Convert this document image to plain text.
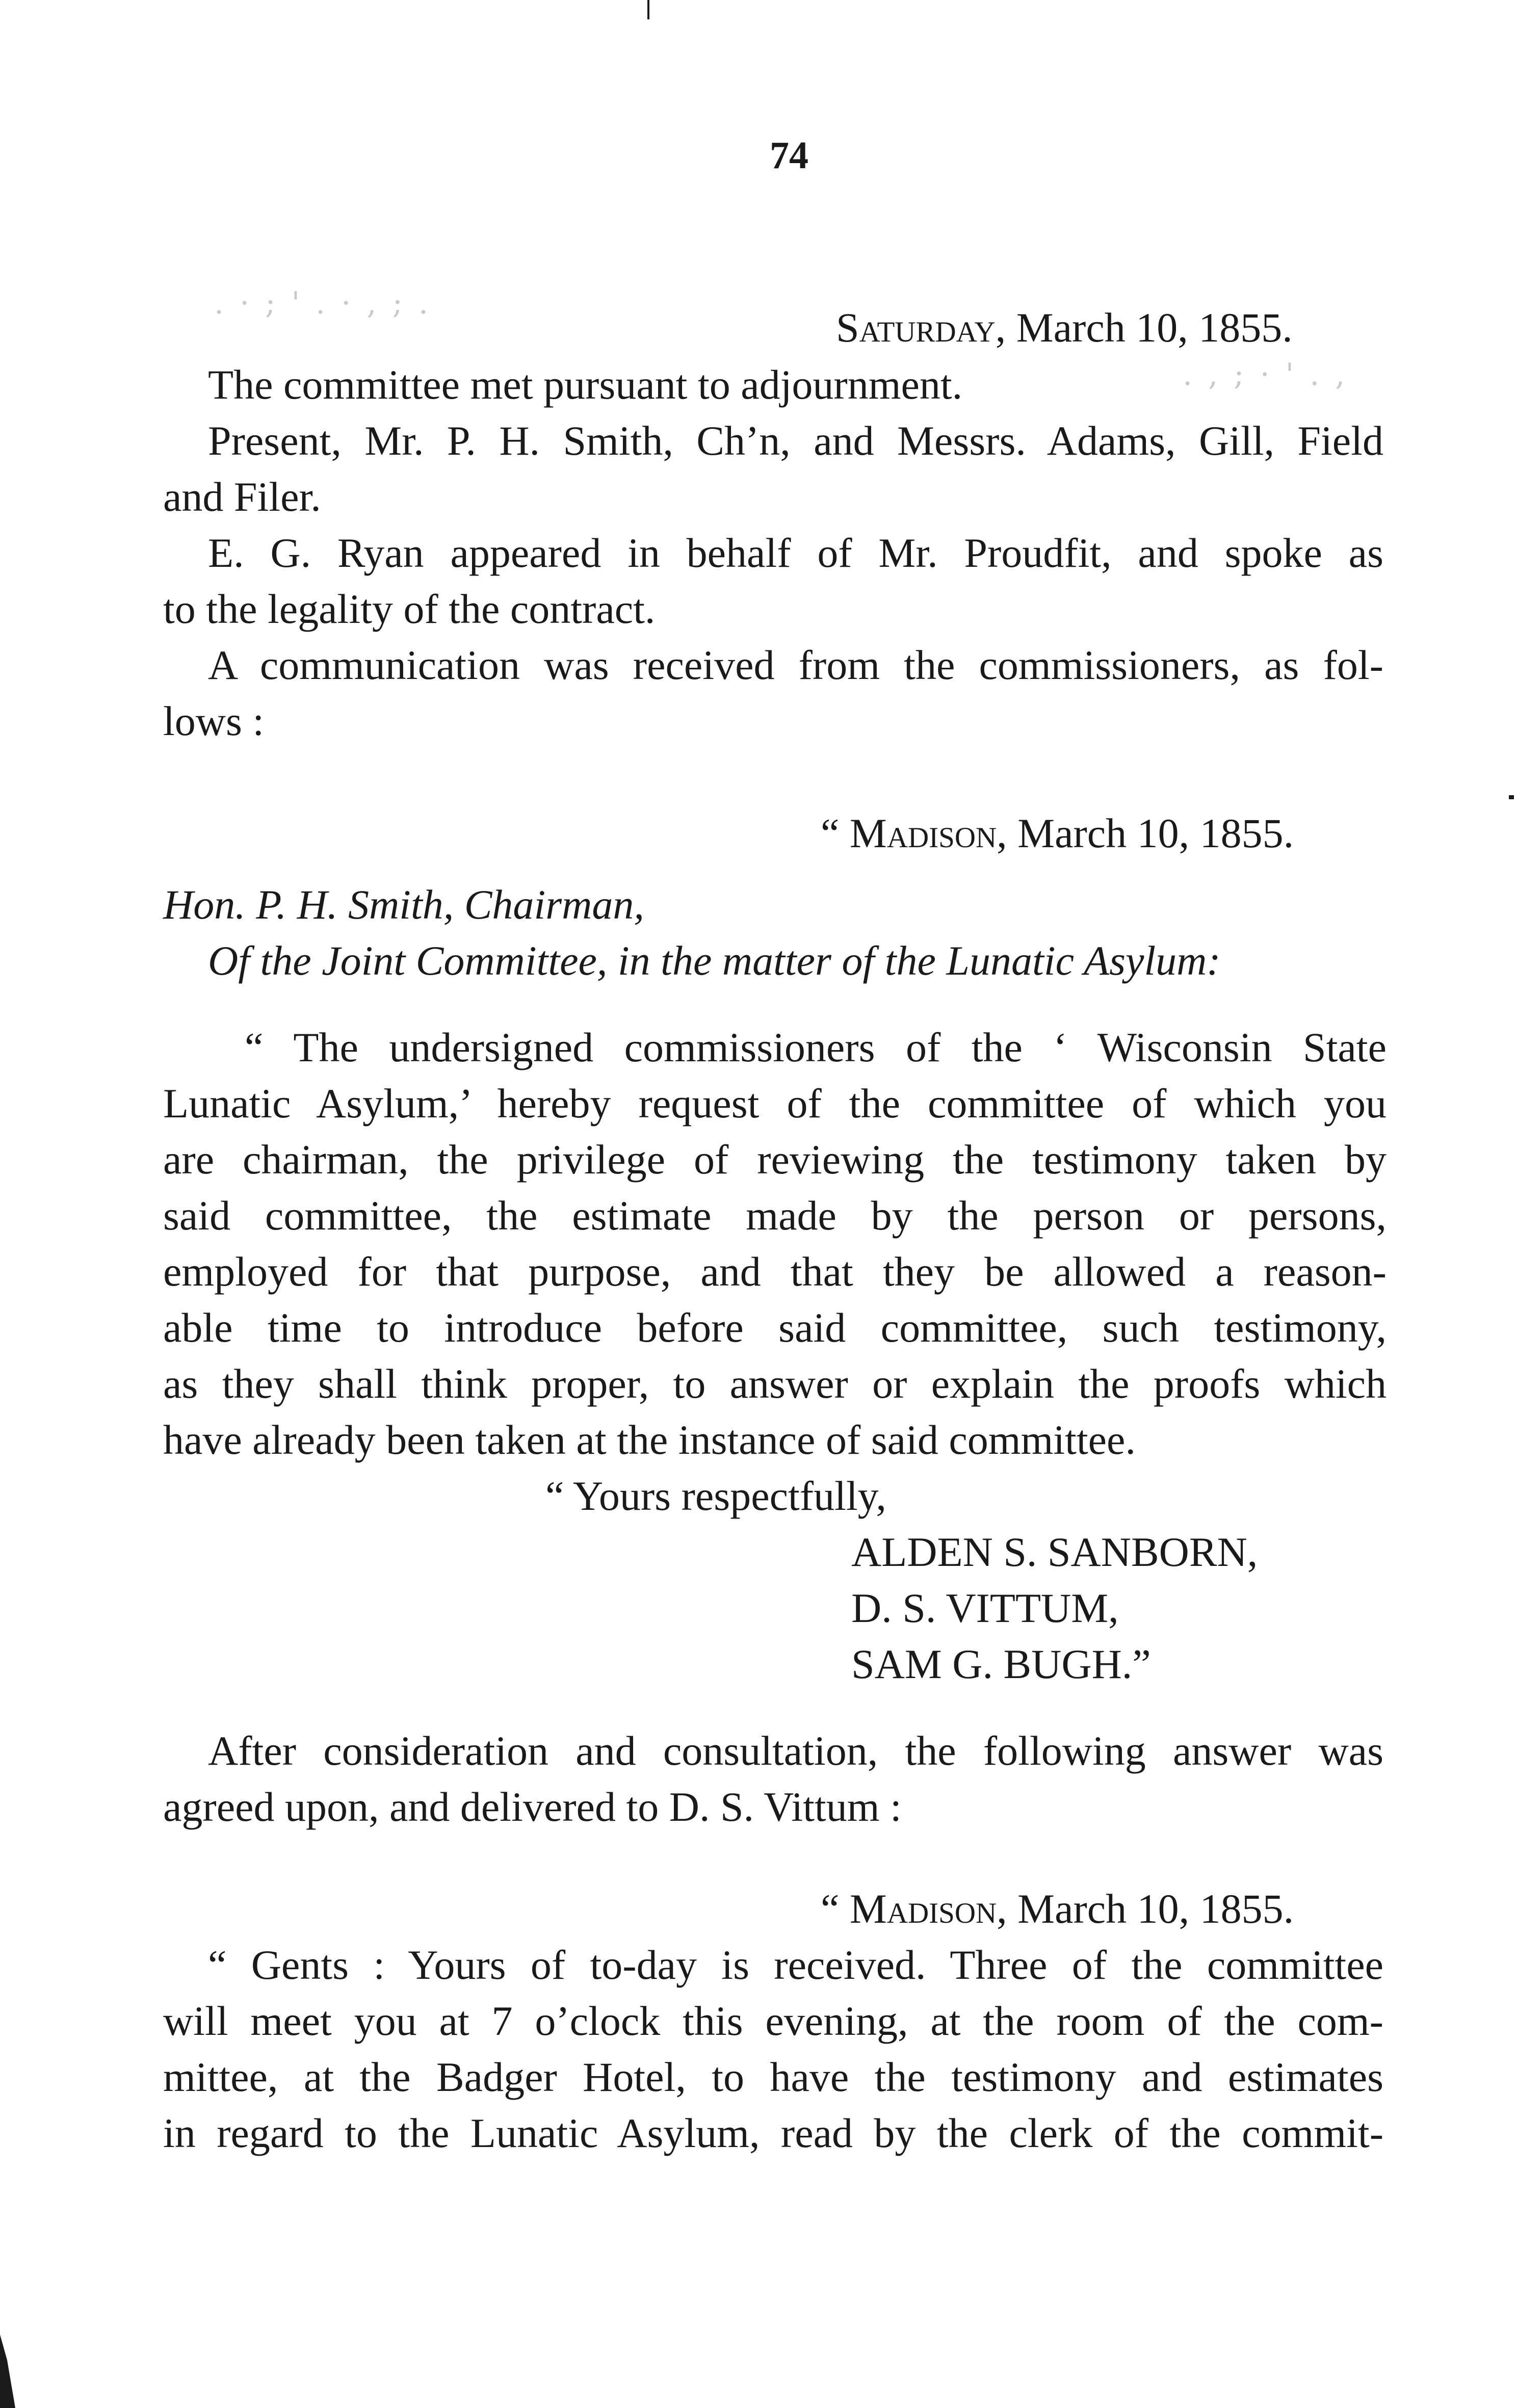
. · ; ' . · , ; .
. , ; · ' . ,
74
Saturday, March 10, 1855.
The committee met pursuant to adjournment.
Present, Mr. P. H. Smith, Ch’n, and Messrs. Adams, Gill, Field
and Filer.
E. G. Ryan appeared in behalf of Mr. Proudfit, and spoke as
to the legality of the contract.
A communication was received from the commissioners, as fol-
lows :
“ Madison, March 10, 1855.
Hon. P. H. Smith, Chairman,
Of the Joint Committee, in the matter of the Lunatic Asylum:
“ The undersigned commissioners of the ‘ Wisconsin State
Lunatic Asylum,’ hereby request of the committee of which you
are chairman, the privilege of reviewing the testimony taken by
said committee, the estimate made by the person or persons,
employed for that purpose, and that they be allowed a reason-
able time to introduce before said committee, such testimony,
as they shall think proper, to answer or explain the proofs which
have already been taken at the instance of said committee.
“ Yours respectfully,
ALDEN S. SANBORN,
D. S. VITTUM,
SAM G. BUGH.”
After consideration and consultation, the following answer was
agreed upon, and delivered to D. S. Vittum :
“ Madison, March 10, 1855.
“ Gents : Yours of to-day is received. Three of the committee
will meet you at 7 o’clock this evening, at the room of the com-
mittee, at the Badger Hotel, to have the testimony and estimates
in regard to the Lunatic Asylum, read by the clerk of the commit-
